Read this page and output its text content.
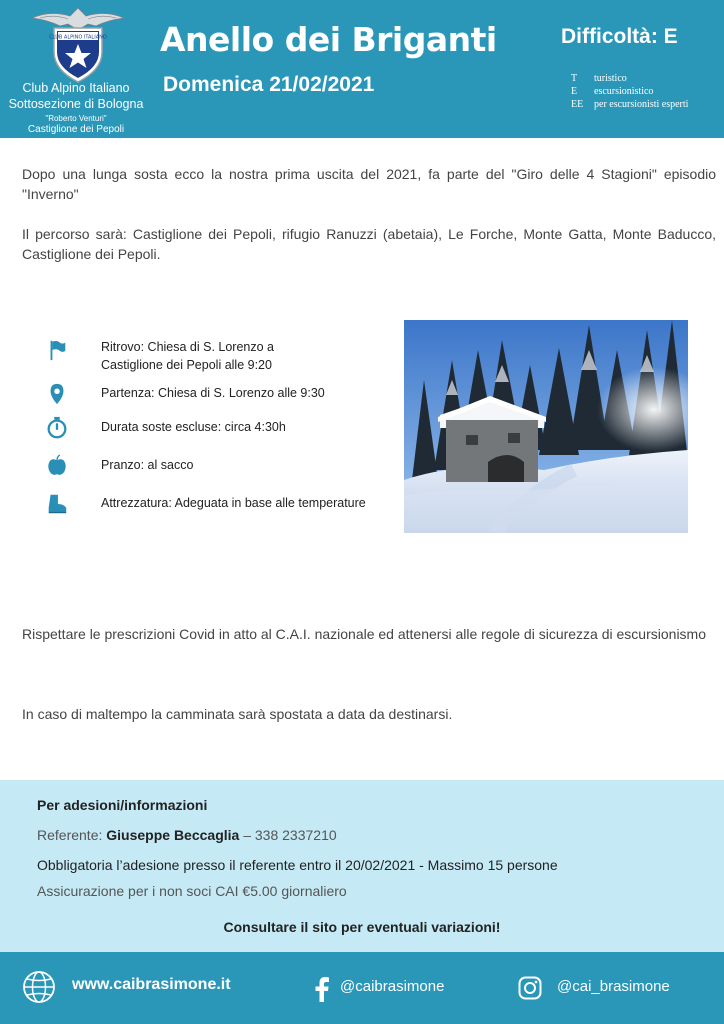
CLUB ALPINO ITALIANO
Club Alpino Italiano
Sottosezione di Bologna
"Roberto Venturi"
Castiglione dei Pepoli
Anello dei Briganti
Domenica 21/02/2021
Difficoltà: E
T	turistico
E	escursionistico
EE	per escursionisti esperti

Dopo una lunga sosta ecco la nostra prima uscita del 2021, fa parte del "Giro delle 4 Stagioni" episodio "Inverno"

Il percorso sarà: Castiglione dei Pepoli, rifugio Ranuzzi (abetaia), Le Forche, Monte Gatta, Monte Baducco, Castiglione dei Pepoli.

Ritrovo: Chiesa di S. Lorenzo a
Castiglione dei Pepoli alle 9:20
Partenza: Chiesa di S. Lorenzo alle 9:30
Durata soste escluse: circa 4:30h
Pranzo: al sacco
Attrezzatura: Adeguata in base alle temperature

Rispettare le prescrizioni Covid in atto al C.A.I. nazionale ed attenersi alle regole di sicurezza di escursionismo

In caso di maltempo la camminata sarà spostata a data da destinarsi.

Per adesioni/informazioni
Referente: Giuseppe Beccaglia – 338 2337210
Obbligatoria l’adesione presso il referente entro il 20/02/2021 - Massimo 15 persone
Assicurazione per i non soci CAI €5.00 giornaliero
Consultare il sito per eventuali variazioni!
www.caibrasimone.it	@caibrasimone	@cai_brasimone
